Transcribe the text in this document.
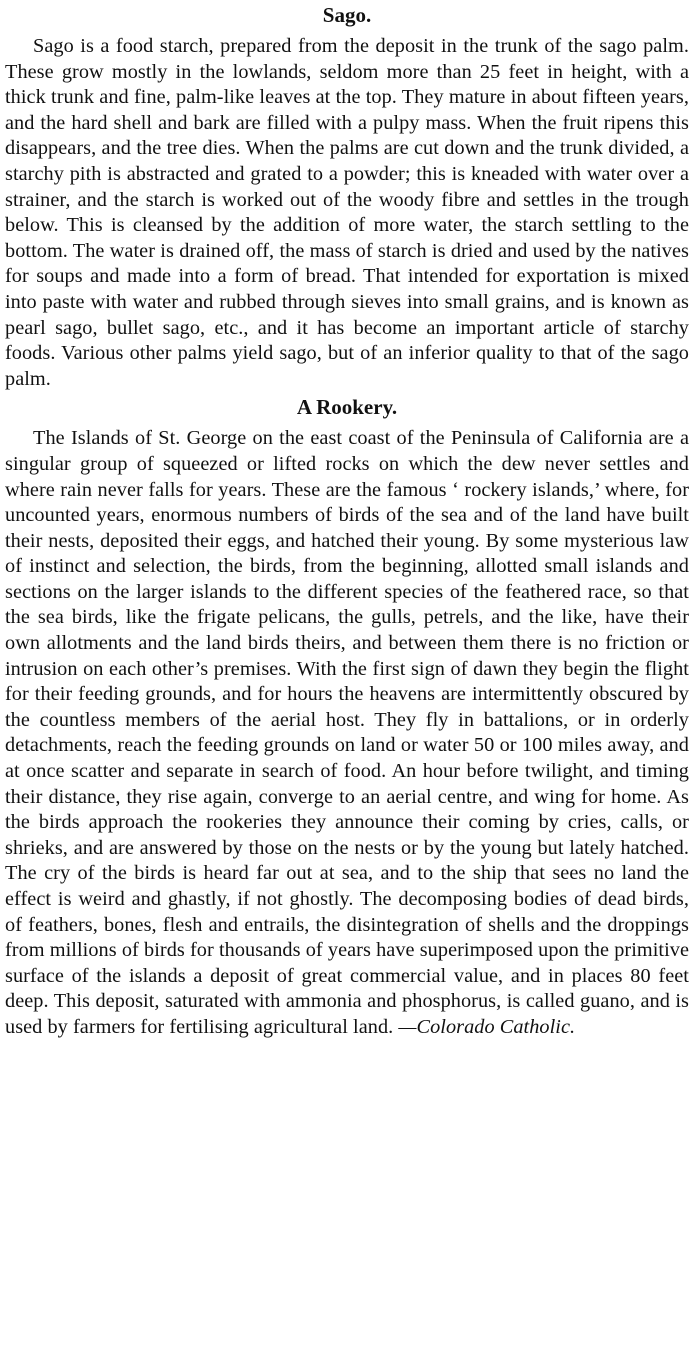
Sago.

Sago is a food starch, prepared from the deposit in the trunk of the sago palm. These grow mostly in the lowlands, seldom more than 25 feet in height, with a thick trunk and fine, palm-like leaves at the top. They mature in about fifteen years, and the hard shell and bark are filled with a pulpy mass. When the fruit ripens this disappears, and the tree dies. When the palms are cut down and the trunk divided, a starchy pith is abstracted and grated to a powder; this is kneaded with water over a strainer, and the starch is worked out of the woody fibre and settles in the trough below. This is cleansed by the addition of more water, the starch settling to the bottom. The water is drained off, the mass of starch is dried and used by the natives for soups and made into a form of bread. That intended for exportation is mixed into paste with water and rubbed through sieves into small grains, and is known as pearl sago, bullet sago, etc., and it has become an important article of starchy foods. Various other palms yield sago, but of an inferior quality to that of the sago palm.

A Rookery.

The Islands of St. George on the east coast of the Peninsula of California are a singular group of squeezed or lifted rocks on which the dew never settles and where rain never falls for years. These are the famous ‘ rockery islands,’ where, for uncounted years, enormous numbers of birds of the sea and of the land have built their nests, deposited their eggs, and hatched their young. By some mysterious law of instinct and selection, the birds, from the beginning, allotted small islands and sections on the larger islands to the different species of the feathered race, so that the sea birds, like the frigate pelicans, the gulls, petrels, and the like, have their own allotments and the land birds theirs, and between them there is no friction or intrusion on each other’s premises. With the first sign of dawn they begin the flight for their feeding grounds, and for hours the heavens are intermittently obscured by the countless members of the aerial host. They fly in battalions, or in orderly detachments, reach the feeding grounds on land or water 50 or 100 miles away, and at once scatter and separate in search of food. An hour before twilight, and timing their distance, they rise again, converge to an aerial centre, and wing for home. As the birds approach the rookeries they announce their coming by cries, calls, or shrieks, and are answered by those on the nests or by the young but lately hatched. The cry of the birds is heard far out at sea, and to the ship that sees no land the effect is weird and ghastly, if not ghostly. The decomposing bodies of dead birds, of feathers, bones, flesh and entrails, the disintegration of shells and the droppings from millions of birds for thousands of years have superimposed upon the primitive surface of the islands a deposit of great commercial value, and in places 80 feet deep. This deposit, saturated with ammonia and phosphorus, is called guano, and is used by farmers for fertilising agricultural land. —Colorado Catholic.
